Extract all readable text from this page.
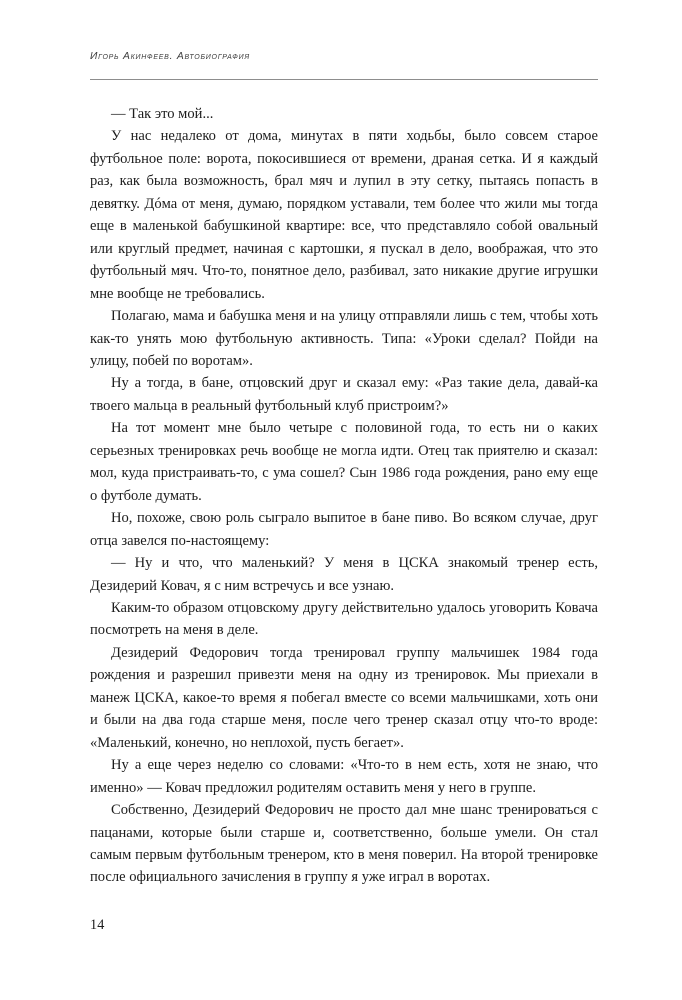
Игорь Акинфеев. Автобиография

— Так это мой...

У нас недалеко от дома, минутах в пяти ходьбы, было совсем старое футбольное поле: ворота, покосившиеся от времени, драная сетка. И я каждый раз, как была возможность, брал мяч и лупил в эту сетку, пытаясь попасть в девятку. Дóма от меня, думаю, порядком уставали, тем более что жили мы тогда еще в маленькой бабушкиной квартире: все, что представляло собой овальный или круглый предмет, начиная с картошки, я пускал в дело, воображая, что это футбольный мяч. Что-то, понятное дело, разбивал, зато никакие другие игрушки мне вообще не требовались.

Полагаю, мама и бабушка меня и на улицу отправляли лишь с тем, чтобы хоть как-то унять мою футбольную активность. Типа: «Уроки сделал? Пойди на улицу, побей по воротам».

Ну а тогда, в бане, отцовский друг и сказал ему: «Раз такие дела, давай-ка твоего мальца в реальный футбольный клуб пристроим?»

На тот момент мне было четыре с половиной года, то есть ни о каких серьезных тренировках речь вообще не могла идти. Отец так приятелю и сказал: мол, куда пристраивать-то, с ума сошел? Сын 1986 года рождения, рано ему еще о футболе думать.

Но, похоже, свою роль сыграло выпитое в бане пиво. Во всяком случае, друг отца завелся по-настоящему:

— Ну и что, что маленький? У меня в ЦСКА знакомый тренер есть, Дезидерий Ковач, я с ним встречусь и все узнаю.

Каким-то образом отцовскому другу действительно удалось уговорить Ковача посмотреть на меня в деле.

Дезидерий Федорович тогда тренировал группу мальчишек 1984 года рождения и разрешил привезти меня на одну из тренировок. Мы приехали в манеж ЦСКА, какое-то время я побегал вместе со всеми мальчишками, хоть они и были на два года старше меня, после чего тренер сказал отцу что-то вроде: «Маленький, конечно, но неплохой, пусть бегает».

Ну а еще через неделю со словами: «Что-то в нем есть, хотя не знаю, что именно» — Ковач предложил родителям оставить меня у него в группе.

Собственно, Дезидерий Федорович не просто дал мне шанс тренироваться с пацанами, которые были старше и, соответственно, больше умели. Он стал самым первым футбольным тренером, кто в меня поверил. На второй тренировке после официального зачисления в группу я уже играл в воротах.

14
